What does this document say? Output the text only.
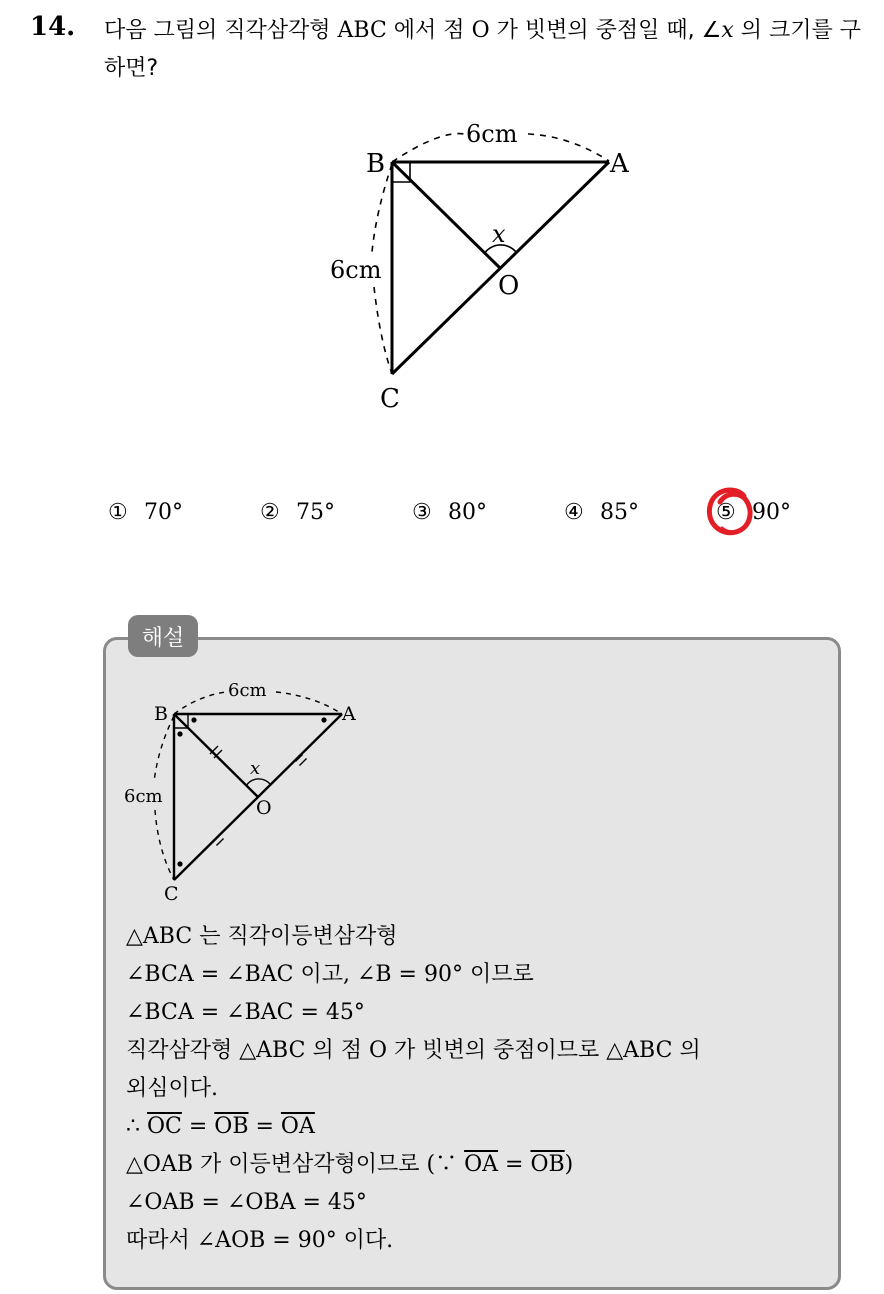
14. 다음 그림의 직각삼각형 ABC 에서 점 O 가 빗변의 중점일 때, ∠x 의 크기를 구하면?
B	A
C
O
x
6cm
6cm
① 70°	② 75°	③ 80°	④ 85°	⑤ 90°
해설
B	A
C
O
x
6cm
6cm
△ABC 는 직각이등변삼각형
∠BCA = ∠BAC 이고, ∠B = 90° 이므로
∠BCA = ∠BAC = 45°
직각삼각형 △ABC 의 점 O 가 빗변의 중점이므로 △ABC 의
외심이다.
∴ $\overline{OC} = \overline{OB} = \overline{OA}$
△OAB 가 이등변삼각형이므로 (∵ $\overline{OA} = \overline{OB}$)
∠OAB = ∠OBA = 45°
따라서 ∠AOB = 90° 이다.
